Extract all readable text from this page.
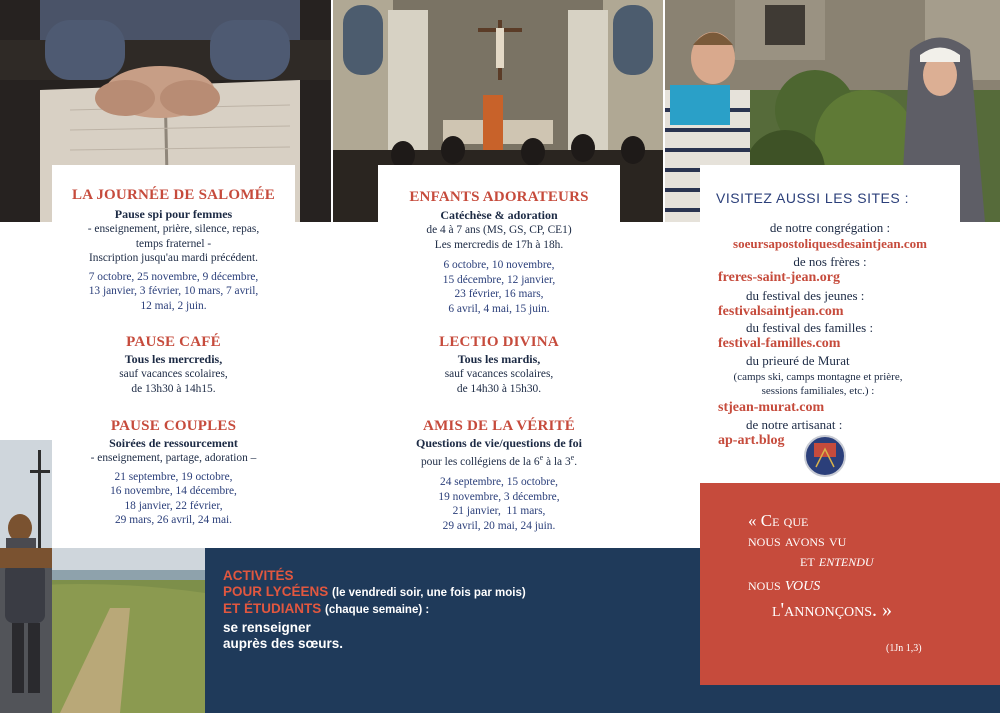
LA JOURNÉE DE SALOMÉE
Pause spi pour femmes
- enseignement, prière, silence, repas,
temps fraternel -
Inscription jusqu'au mardi précédent.
7 octobre, 25 novembre, 9 décembre,
13 janvier, 3 février, 10 mars, 7 avril,
12 mai, 2 juin.
PAUSE CAFÉ
Tous les mercredis,
sauf vacances scolaires,
de 13h30 à 14h15.
PAUSE COUPLES
Soirées de ressourcement
- enseignement, partage, adoration –
21 septembre, 19 octobre,
16 novembre, 14 décembre,
18 janvier, 22 février,
29 mars, 26 avril, 24 mai.
ENFANTS ADORATEURS
Catéchèse & adoration
de 4 à 7 ans (MS, GS, CP, CE1)
Les mercredis de 17h à 18h.
6 octobre, 10 novembre,
15 décembre, 12 janvier,
23 février, 16 mars,
6 avril, 4 mai, 15 juin.
LECTIO DIVINA
Tous les mardis,
sauf vacances scolaires,
de 14h30 à 15h30.
AMIS DE LA VÉRITÉ
Questions de vie/questions de foi
pour les collégiens de la 6e à la 3e.
24 septembre, 15 octobre,
19 novembre, 3 décembre,
21 janvier,  11 mars,
29 avril, 20 mai, 24 juin.
VISITEZ AUSSI LES SITES :
de notre congrégation :
soeursapostoliquesdesaintjean.com
de nos frères :
freres-saint-jean.org
du festival des jeunes :
festivalsaintjean.com
du festival des familles :
festival-familles.com
du prieuré de Murat
(camps ski, camps montagne et prière, sessions familiales, etc.) :
stjean-murat.com
de notre artisanat :
ap-art.blog
ACTIVITÉS
POUR LYCÉENS (le vendredi soir, une fois par mois)
ET ÉTUDIANTS (chaque semaine) :
se renseigner
auprès des sœurs.
« Ce que
nous avons vu
et entendu
nous vous
l'annonçons. »
(1Jn 1,3)
